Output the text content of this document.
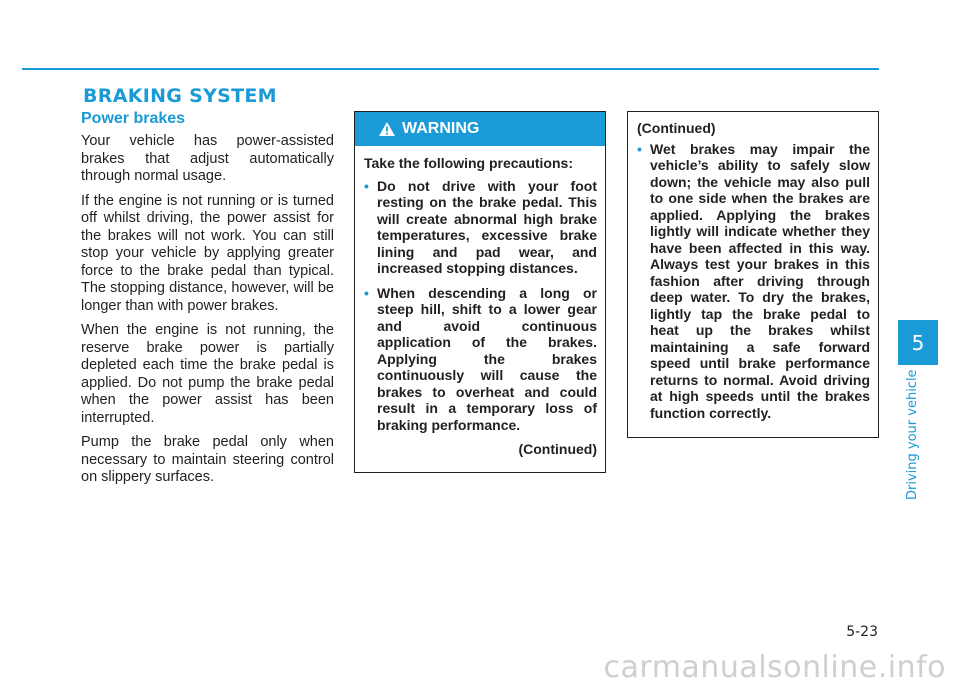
BRAKING SYSTEM
Power brakes

Your vehicle has power-assisted brakes that adjust automatically through normal usage.

If the engine is not running or is turned off whilst driving, the power assist for the brakes will not work. You can still stop your vehicle by applying greater force to the brake pedal than typical. The stopping distance, however, will be longer than with power brakes.

When the engine is not running, the reserve brake power is partially depleted each time the brake pedal is applied. Do not pump the brake pedal when the power assist has been interrupted.

Pump the brake pedal only when necessary to maintain steering control on slippery surfaces.

WARNING

Take the following precautions:

• Do not drive with your foot resting on the brake pedal. This will create abnormal high brake temperatures, excessive brake lining and pad wear, and increased stopping distances.
• When descending a long or steep hill, shift to a lower gear and avoid continuous application of the brakes. Applying the brakes continuously will cause the brakes to overheat and could result in a temporary loss of braking performance.

(Continued)

(Continued)

• Wet brakes may impair the vehicle’s ability to safely slow down; the vehicle may also pull to one side when the brakes are applied. Applying the brakes lightly will indicate whether they have been affected in this way. Always test your brakes in this fashion after driving through deep water. To dry the brakes, lightly tap the brake pedal to heat up the brakes whilst maintaining a safe forward speed until brake performance returns to normal. Avoid driving at high speeds until the brakes function correctly.
5
Driving your vehicle
5-23
carmanualsonline.info
